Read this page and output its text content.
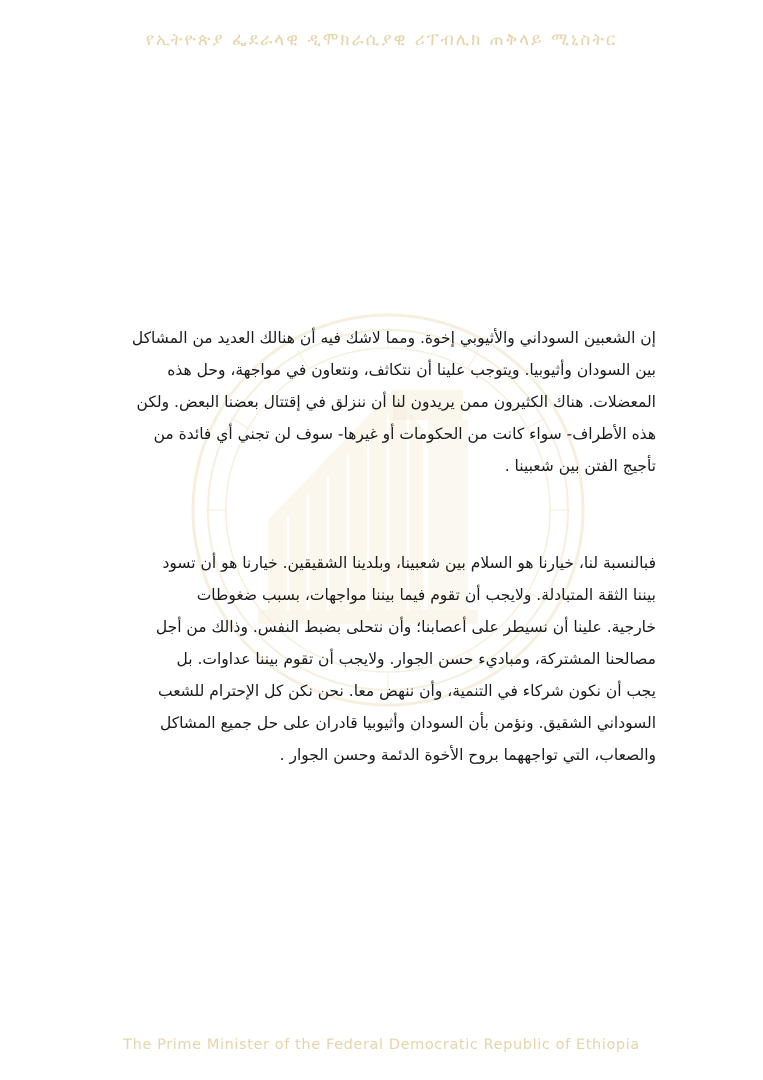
የኢትዮጵያ ፌደራላዊ ዲሞክራሲያዊ ሪፐብሊክ ጠቅላይ ሚኒስትር
إن الشعبين السوداني والأثيوبي إخوة. ومما لاشك فيه أن هنالك العديد من المشاكل
بين السودان وأثيوبيا. ويتوجب علينا أن نتكاثف، ونتعاون في مواجهة، وحل هذه
المعضلات. هناك الكثيرون ممن يريدون لنا أن ننزلق في إقتتال بعضنا البعض. ولكن
هذه الأطراف- سواء كانت من الحكومات أو غيرها- سوف لن تجني أي فائدة من
تأجيج الفتن بين شعبينا .
فبالنسبة لنا، خيارنا هو السلام بين شعبينا، وبلدينا الشقيقين. خيارنا هو أن تسود
بيننا الثقة المتبادلة. ولايجب أن تقوم فيما بيننا مواجهات، بسبب ضغوطات
خارجية. علينا أن نسيطر على أعصابنا؛ وأن نتحلى بضبط النفس. وذالك من أجل
مصالحنا المشتركة، ومباديء حسن الجوار. ولايجب أن تقوم بيننا عداوات. بل
يجب أن نكون شركاء في التنمية، وأن ننهض معا. نحن نكن كل الإحترام للشعب
السوداني الشقيق. ونؤمن بأن السودان وأثيوبيا قادران على حل جميع المشاكل
والصعاب، التي تواجههما بروح الأخوة الدئمة وحسن الجوار .
The Prime Minister of the Federal Democratic Republic of Ethiopia
